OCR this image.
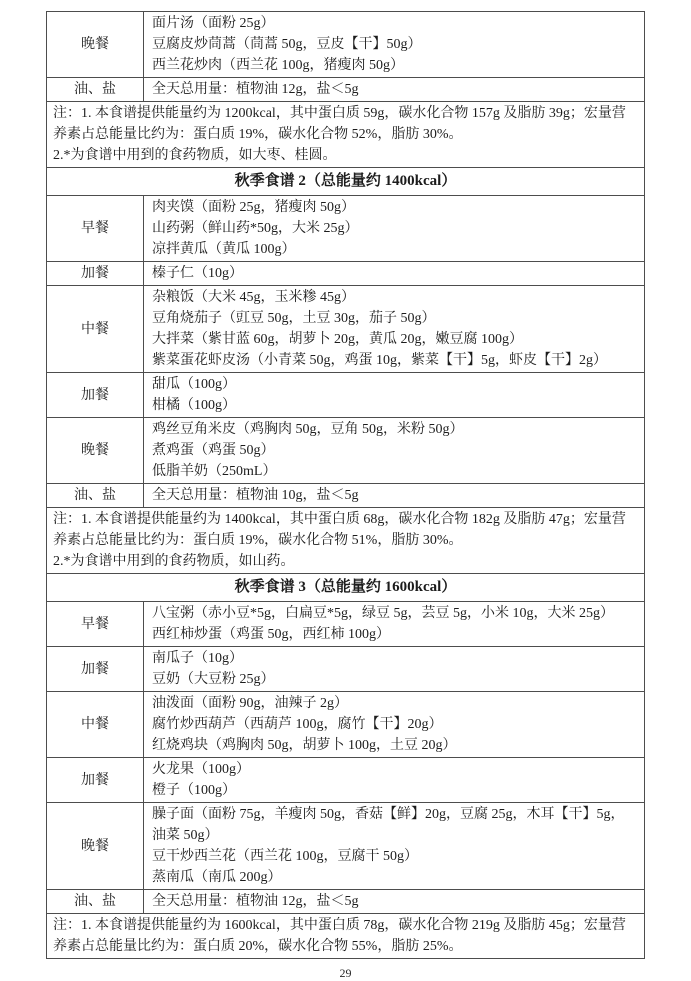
晚餐	面片汤（面粉 25g）
豆腐皮炒茼蒿（茼蒿 50g，豆皮【干】50g）
西兰花炒肉（西兰花 100g，猪瘦肉 50g）

油、盐	全天总用量：植物油 12g，盐＜5g

注：1. 本食谱提供能量约为 1200kcal，其中蛋白质 59g，碳水化合物 157g 及脂肪 39g；宏量营养素占总能量比约为：蛋白质 19%，碳水化合物 52%，脂肪 30%。
2.*为食谱中用到的食药物质，如大枣、桂圆。	

秋季食谱 2（总能量约 1400kcal）	
早餐	肉夹馍（面粉 25g，猪瘦肉 50g）
山药粥（鲜山药*50g，大米 25g）
凉拌黄瓜（黄瓜 100g）

加餐	榛子仁（10g）

中餐	杂粮饭（大米 45g，玉米糁 45g）
豆角烧茄子（豇豆 50g，土豆 30g，茄子 50g）
大拌菜（紫甘蓝 60g，胡萝卜 20g，黄瓜 20g，嫩豆腐 100g）
紫菜蛋花虾皮汤（小青菜 50g，鸡蛋 10g，紫菜【干】5g，虾皮【干】2g）

加餐	甜瓜（100g）
柑橘（100g）

晚餐	鸡丝豆角米皮（鸡胸肉 50g，豆角 50g，米粉 50g）
煮鸡蛋（鸡蛋 50g）
低脂羊奶（250mL）

油、盐	全天总用量：植物油 10g，盐＜5g

注：1. 本食谱提供能量约为 1400kcal，其中蛋白质 68g，碳水化合物 182g 及脂肪 47g；宏量营养素占总能量比约为：蛋白质 19%，碳水化合物 51%，脂肪 30%。
2.*为食谱中用到的食药物质，如山药。	

秋季食谱 3（总能量约 1600kcal）	
早餐	八宝粥（赤小豆*5g，白扁豆*5g，绿豆 5g，芸豆 5g，小米 10g，大米 25g）
西红柿炒蛋（鸡蛋 50g，西红柿 100g）

加餐	南瓜子（10g）
豆奶（大豆粉 25g）

中餐	油泼面（面粉 90g，油辣子 2g）
腐竹炒西葫芦（西葫芦 100g，腐竹【干】20g）
红烧鸡块（鸡胸肉 50g，胡萝卜 100g，土豆 20g）

加餐	火龙果（100g）
橙子（100g）

晚餐	臊子面（面粉 75g，羊瘦肉 50g，香菇【鲜】20g，豆腐 25g，木耳【干】5g，油菜 50g）
豆干炒西兰花（西兰花 100g，豆腐干 50g）
蒸南瓜（南瓜 200g）

油、盐	全天总用量：植物油 12g，盐＜5g

注：1. 本食谱提供能量约为 1600kcal，其中蛋白质 78g，碳水化合物 219g 及脂肪 45g；宏量营养素占总能量比约为：蛋白质 20%，碳水化合物 55%，脂肪 25%。	
29
